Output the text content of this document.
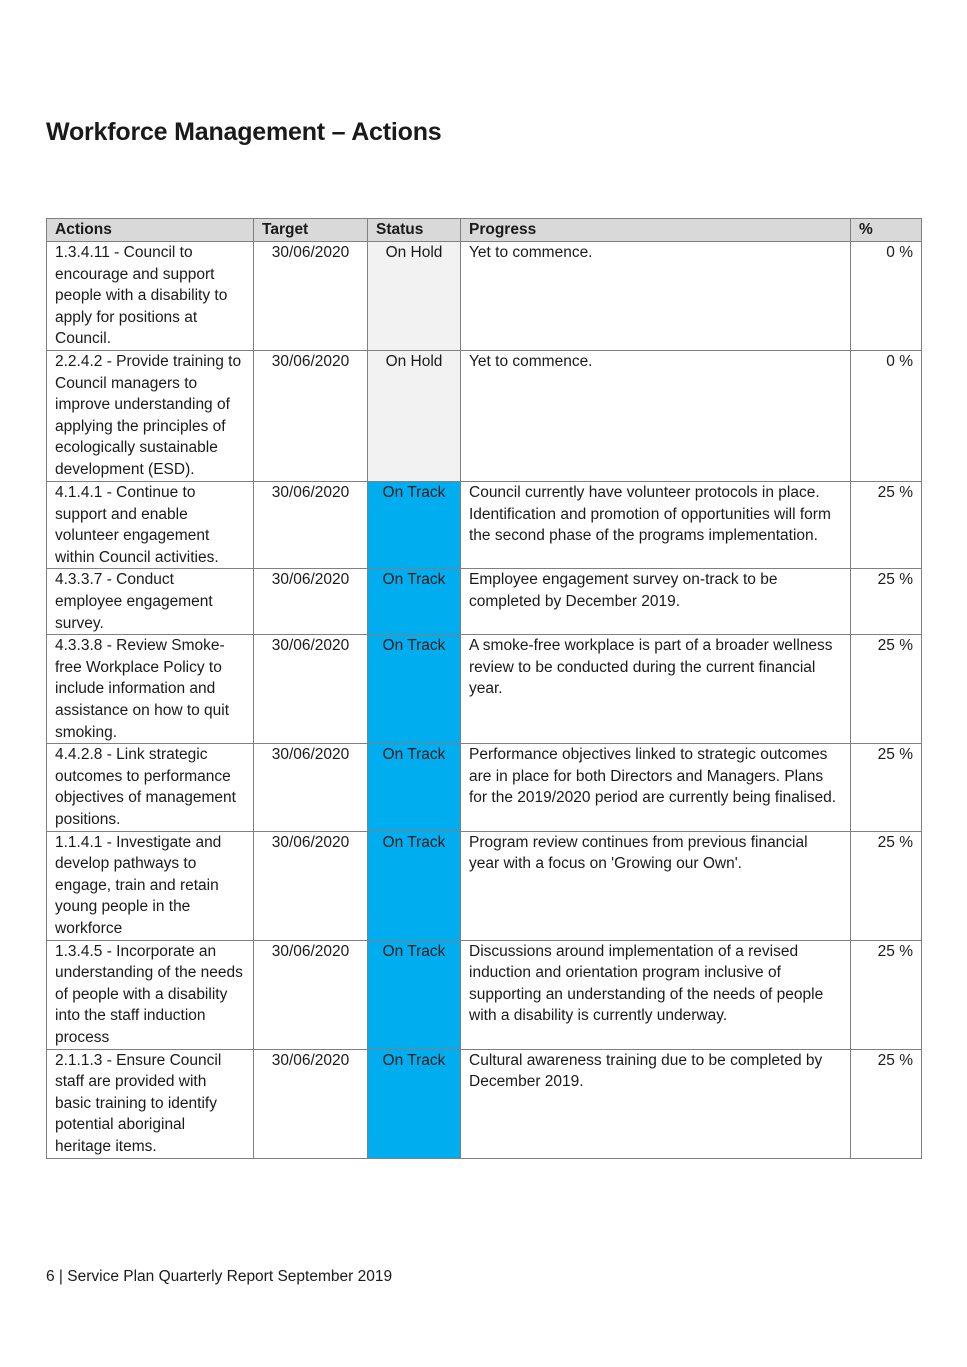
Workforce Management – Actions
Actions	Target	Status	Progress	%
1.3.4.11 - Council to encourage and support people with a disability to apply for positions at Council.	30/06/2020	On Hold	Yet to commence.	0 %
2.2.4.2 - Provide training to Council managers to improve understanding of applying the principles of ecologically sustainable development (ESD).	30/06/2020	On Hold	Yet to commence.	0 %
4.1.4.1 - Continue to support and enable volunteer engagement within Council activities.	30/06/2020	On Track	Council currently have volunteer protocols in place. Identification and promotion of opportunities will form the second phase of the programs implementation.	25 %
4.3.3.7 - Conduct employee engagement survey.	30/06/2020	On Track	Employee engagement survey on-track to be completed by December 2019.	25 %
4.3.3.8 - Review Smoke-free Workplace Policy to include information and assistance on how to quit smoking.	30/06/2020	On Track	A smoke-free workplace is part of a broader wellness review to be conducted during the current financial year.	25 %
4.4.2.8 - Link strategic outcomes to performance objectives of management positions.	30/06/2020	On Track	Performance objectives linked to strategic outcomes are in place for both Directors and Managers. Plans for the 2019/2020 period are currently being finalised.	25 %
1.1.4.1 - Investigate and develop pathways to engage, train and retain young people in the workforce	30/06/2020	On Track	Program review continues from previous financial year with a focus on 'Growing our Own'.	25 %
1.3.4.5 - Incorporate an understanding of the needs of people with a disability into the staff induction process	30/06/2020	On Track	Discussions around implementation of a revised induction and orientation program inclusive of supporting an understanding of the needs of people with a disability is currently underway.	25 %
2.1.1.3 - Ensure Council staff are provided with basic training to identify potential aboriginal heritage items.	30/06/2020	On Track	Cultural awareness training due to be completed by December 2019.	25 %
6 | Service Plan Quarterly Report September 2019
